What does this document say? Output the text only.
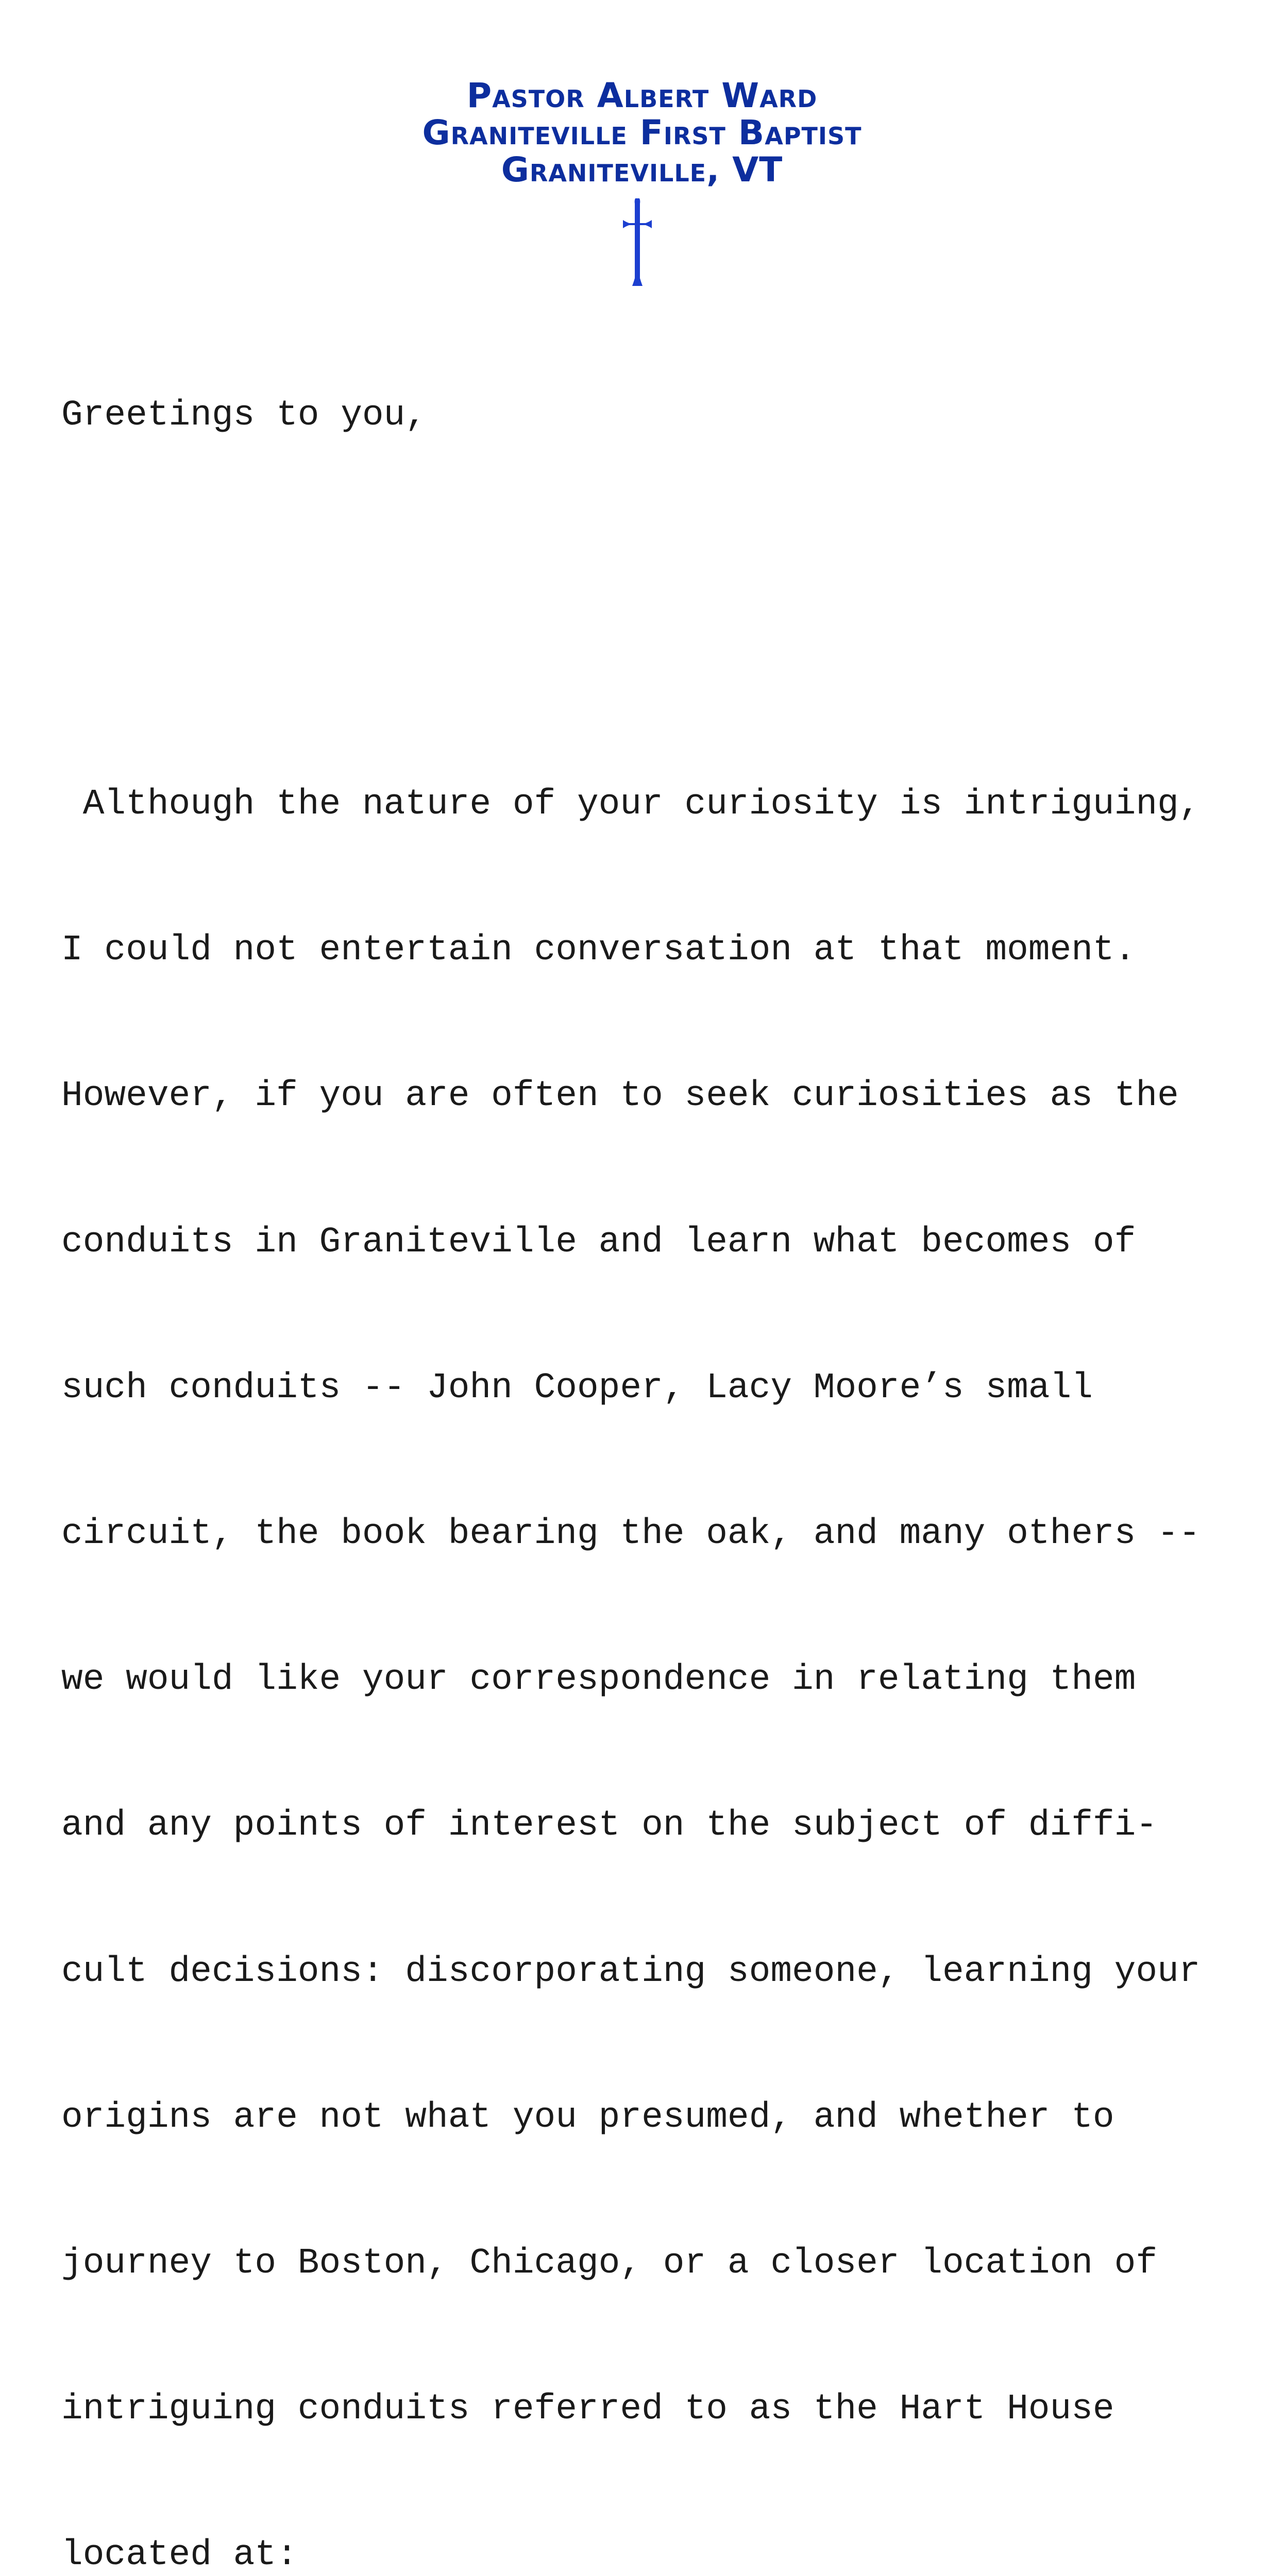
Pastor Albert Ward
Graniteville First Baptist
Graniteville, VT

Greetings to you,

Although the nature of your curiosity is intriguing,

I could not entertain conversation at that moment.

However, if you are often to seek curiosities as the

conduits in Graniteville and learn what becomes of

such conduits -- John Cooper, Lacy Moore’s small

circuit, the book bearing the oak, and many others --

we would like your correspondence in relating them

and any points of interest on the subject of diffi-

cult decisions: discorporating someone, learning your

origins are not what you presumed, and whether to

journey to Boston, Chicago, or a closer location of

intriguing conduits referred to as the Hart House

located at:
